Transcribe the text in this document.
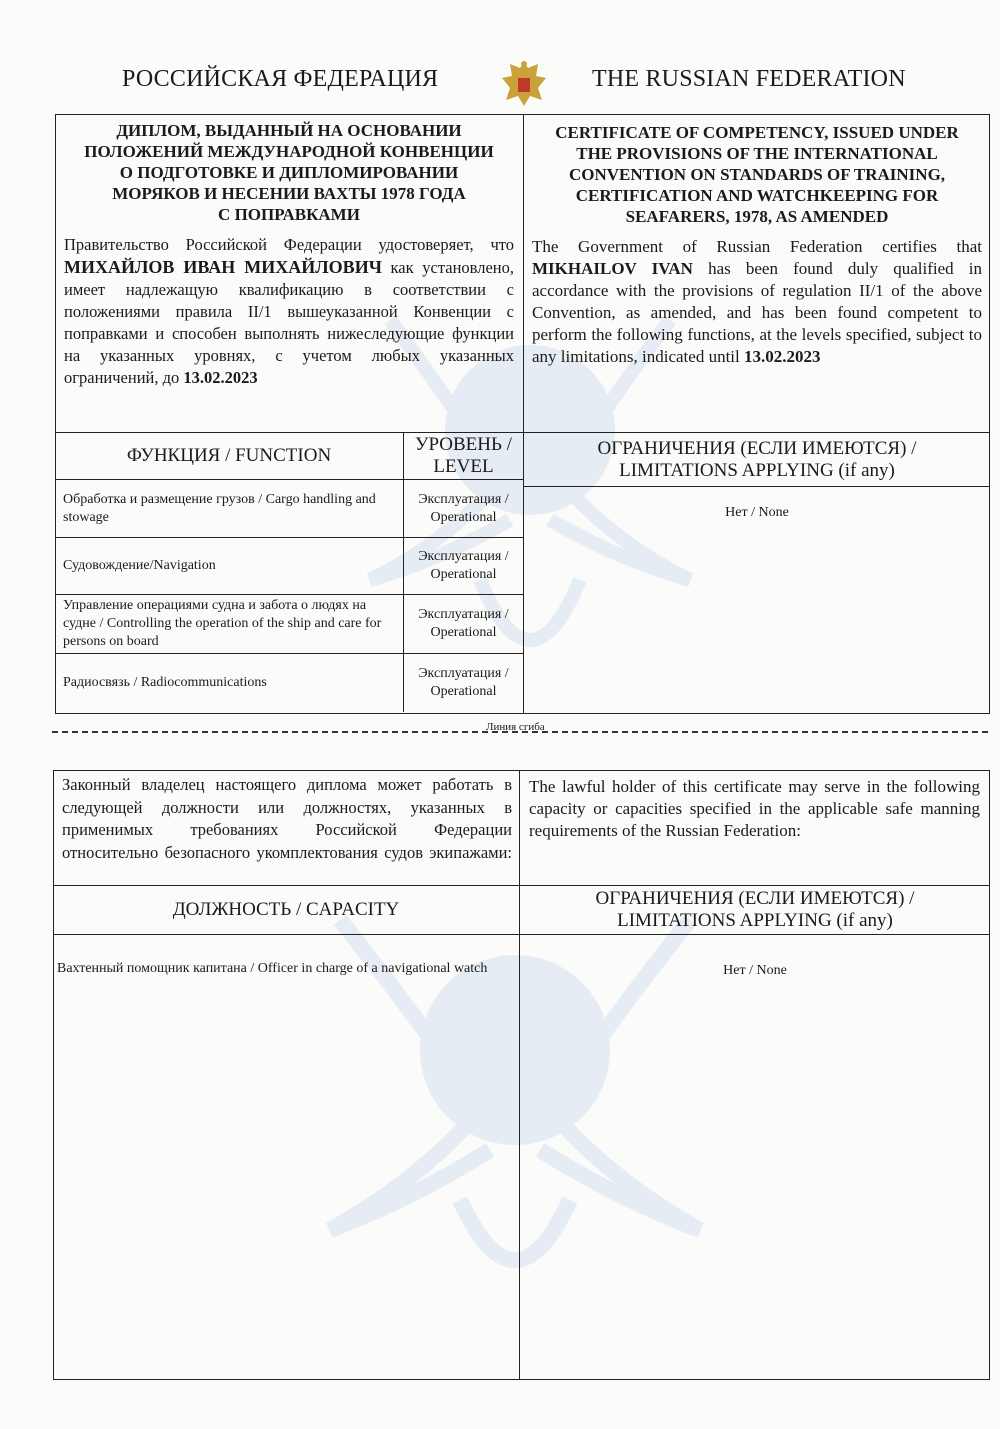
РОССИЙСКАЯ ФЕДЕРАЦИЯ	THE RUSSIAN FEDERATION
ДИПЛОМ, ВЫДАННЫЙ НА ОСНОВАНИИ
ПОЛОЖЕНИЙ МЕЖДУНАРОДНОЙ КОНВЕНЦИИ
О ПОДГОТОВКЕ И ДИПЛОМИРОВАНИИ
МОРЯКОВ И НЕСЕНИИ ВАХТЫ 1978 ГОДА
С ПОПРАВКАМИ
CERTIFICATE OF COMPETENCY, ISSUED UNDER
THE PROVISIONS OF THE INTERNATIONAL
CONVENTION ON STANDARDS OF TRAINING,
CERTIFICATION AND WATCHKEEPING FOR
SEAFARERS, 1978, AS AMENDED
Правительство Российской Федерации удостоверяет, что МИХАЙЛОВ ИВАН МИХАЙЛОВИЧ как установлено, имеет надлежащую квалификацию в соответствии с положениями правила II/1 вышеуказанной Конвенции с поправками и способен выполнять нижеследующие функции на указанных уровнях, с учетом любых указанных ограничений, до 13.02.2023
The Government of Russian Federation certifies that MIKHAILOV IVAN has been found duly qualified in accordance with the provisions of regulation II/1 of the above Convention, as amended, and has been found competent to perform the following functions, at the levels specified, subject to any limitations, indicated until 13.02.2023
ФУНКЦИЯ / FUNCTION
УРОВЕНЬ /
LEVEL
ОГРАНИЧЕНИЯ (ЕСЛИ ИМЕЮТСЯ) /
LIMITATIONS APPLYING (if any)
Обработка и размещение грузов / Cargo handling and stowage
Эксплуатация /
Operational
Судовождение/Navigation
Эксплуатация /
Operational
Управление операциями судна и забота о людях на судне / Controlling the operation of the ship and care for persons on board
Эксплуатация /
Operational
Радиосвязь / Radiocommunications
Эксплуатация /
Operational
Нет / None
Линия сгиба
Законный владелец настоящего диплома может работать в следующей должности или должностях, указанных в применимых требованиях Российской Федерации относительно безопасного укомплектования судов экипажами:
The lawful holder of this certificate may serve in the following capacity or capacities specified in the applicable safe manning requirements of the Russian Federation:
ДОЛЖНОСТЬ / CAPACITY
ОГРАНИЧЕНИЯ (ЕСЛИ ИМЕЮТСЯ) /
LIMITATIONS APPLYING (if any)
Вахтенный помощник капитана / Officer in charge of a navigational watch	Нет / None
